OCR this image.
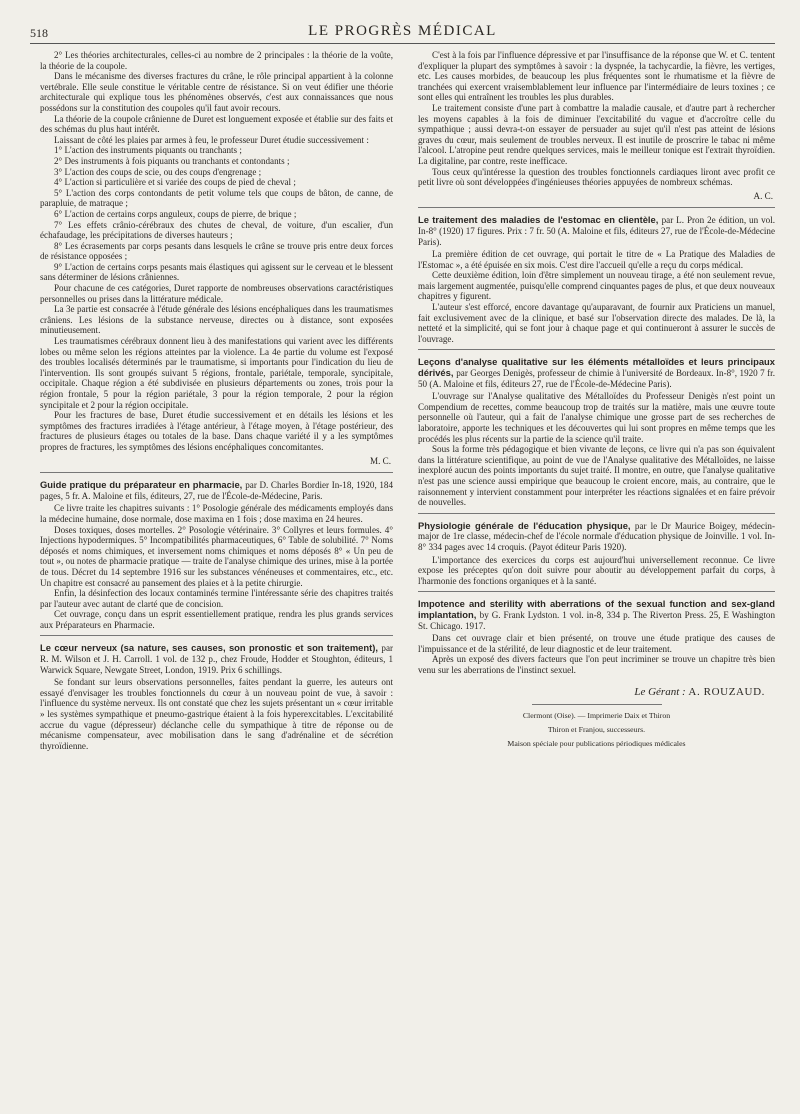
518	LE PROGRÈS MÉDICAL

2° Les théories architecturales, celles-ci au nombre de 2 principales : la théorie de la voûte, la théorie de la coupole.

Dans le mécanisme des diverses fractures du crâne, le rôle principal appartient à la colonne vertébrale. Elle seule constitue le véritable centre de résistance. Si on veut édifier une théorie architecturale qui explique tous les phénomènes observés, c'est aux connaissances que nous possédons sur la constitution des coupoles qu'il faut avoir recours.

La théorie de la coupole crânienne de Duret est longuement exposée et établie sur des faits et des schémas du plus haut intérêt.

Laissant de côté les plaies par armes à feu, le professeur Duret étudie successivement :

1° L'action des instruments piquants ou tranchants ;

2° Des instruments à fois piquants ou tranchants et contondants ;

3° L'action des coups de scie, ou des coups d'engrenage ;

4° L'action si particulière et si variée des coups de pied de cheval ;

5° L'action des corps contondants de petit volume tels que coups de bâton, de canne, de parapluie, de matraque ;

6° L'action de certains corps anguleux, coups de pierre, de brique ;

7° Les effets crânio-cérébraux des chutes de cheval, de voiture, d'un escalier, d'un échafaudage, les précipitations de diverses hauteurs ;

8° Les écrasements par corps pesants dans lesquels le crâne se trouve pris entre deux forces de résistance opposées ;

9° L'action de certains corps pesants mais élastiques qui agissent sur le cerveau et le blessent sans déterminer de lésions crâniennes.

Pour chacune de ces catégories, Duret rapporte de nombreuses observations caractéristiques personnelles ou prises dans la littérature médicale.

La 3e partie est consacrée à l'étude générale des lésions encéphaliques dans les traumatismes crâniens. Les lésions de la substance nerveuse, directes ou à distance, sont exposées minutieusement.

Les traumatismes cérébraux donnent lieu à des manifestations qui varient avec les différents lobes ou même selon les régions atteintes par la violence. La 4e partie du volume est l'exposé des troubles localisés déterminés par le traumatisme, si importants pour l'indication du lieu de l'intervention. Ils sont groupés suivant 5 régions, frontale, pariétale, temporale, syncipitale, occipitale. Chaque région a été subdivisée en plusieurs départements ou zones, trois pour la région frontale, 5 pour la région pariétale, 3 pour la région temporale, 2 pour la région syncipitale et 2 pour la région occipitale.

Pour les fractures de base, Duret étudie successivement et en détails les lésions et les symptômes des fractures irradiées à l'étage antérieur, à l'étage moyen, à l'étage postérieur, des fractures de plusieurs étages ou totales de la base. Dans chaque variété il y a les symptômes propres de fractures, les symptômes des lésions encéphaliques concomitantes.

M. C.

Guide pratique du préparateur en pharmacie, par D. Charles Bordier In-18, 1920, 184 pages, 5 fr. A. Maloine et fils, éditeurs, 27, rue de l'École-de-Médecine, Paris.

Ce livre traite les chapitres suivants : 1° Posologie générale des médicaments employés dans la médecine humaine, dose normale, dose maxima en 1 fois ; dose maxima en 24 heures.

Doses toxiques, doses mortelles. 2° Posologie vétérinaire. 3° Collyres et leurs formules. 4° Injections hypodermiques. 5° Incompatibilités pharmaceutiques, 6° Table de solubilité. 7° Noms déposés et noms chimiques, et inversement noms chimiques et noms déposés 8° « Un peu de tout », ou notes de pharmacie pratique — traite de l'analyse chimique des urines, mise à la portée de tous. Décret du 14 septembre 1916 sur les substances vénéneuses et commentaires, etc., etc. Un chapitre est consacré au pansement des plaies et à la petite chirurgie.

Enfin, la désinfection des locaux contaminés termine l'intéressante série des chapitres traités par l'auteur avec autant de clarté que de concision.

Cet ouvrage, conçu dans un esprit essentiellement pratique, rendra les plus grands services aux Préparateurs en Pharmacie.

Le cœur nerveux (sa nature, ses causes, son pronostic et son traitement), par R. M. Wilson et J. H. Carroll. 1 vol. de 132 p., chez Froude, Hodder et Stoughton, éditeurs, 1 Warwick Square, Newgate Street, London, 1919. Prix 6 schillings.

Se fondant sur leurs observations personnelles, faites pendant la guerre, les auteurs ont essayé d'envisager les troubles fonctionnels du cœur à un nouveau point de vue, à savoir : l'influence du système nerveux. Ils ont constaté que chez les sujets présentant un « cœur irritable » les systèmes sympathique et pneumo-gastrique étaient à la fois hyperexcitables. L'excitabilité accrue du vague (dépresseur) déclanche celle du sympathique à titre de réponse ou de mécanisme compensateur, avec mobilisation dans le sang d'adrénaline et de sécrétion thyroïdienne.

C'est à la fois par l'influence dépressive et par l'insuffisance de la réponse que W. et C. tentent d'expliquer la plupart des symptômes à savoir : la dyspnée, la tachycardie, la fièvre, les vertiges, etc. Les causes morbides, de beaucoup les plus fréquentes sont le rhumatisme et la fièvre de tranchées qui exercent vraisemblablement leur influence par l'intermédiaire de leurs toxines ; ce sont elles qui entraînent les troubles les plus durables.

Le traitement consiste d'une part à combattre la maladie causale, et d'autre part à rechercher les moyens capables à la fois de diminuer l'excitabilité du vague et d'accroître celle du sympathique ; aussi devra-t-on essayer de persuader au sujet qu'il n'est pas atteint de lésions graves du cœur, mais seulement de troubles nerveux. Il est inutile de proscrire le tabac ni même l'alcool. L'atropine peut rendre quelques services, mais le meilleur tonique est l'extrait thyroïdien. La digitaline, par contre, reste inefficace.

Tous ceux qu'intéresse la question des troubles fonctionnels cardiaques liront avec profit ce petit livre où sont développées d'ingénieuses théories appuyées de nombreux schémas.

A. C.

Le traitement des maladies de l'estomac en clientèle, par L. Pron 2e édition, un vol. In-8° (1920) 17 figures. Prix : 7 fr. 50 (A. Maloine et fils, éditeurs 27, rue de l'École-de-Médecine Paris).

La première édition de cet ouvrage, qui portait le titre de « La Pratique des Maladies de l'Estomac », a été épuisée en six mois. C'est dire l'accueil qu'elle a reçu du corps médical.

Cette deuxième édition, loin d'être simplement un nouveau tirage, a été non seulement revue, mais largement augmentée, puisqu'elle comprend cinquantes pages de plus, et que deux nouveaux chapitres y figurent.

L'auteur s'est efforcé, encore davantage qu'auparavant, de fournir aux Praticiens un manuel, fait exclusivement avec de la clinique, et basé sur l'observation directe des malades. De là, la netteté et la simplicité, qui se font jour à chaque page et qui continueront à assurer le succès de l'ouvrage.

Leçons d'analyse qualitative sur les éléments métalloïdes et leurs principaux dérivés, par Georges Denigès, professeur de chimie à l'université de Bordeaux. In-8°, 1920 7 fr. 50 (A. Maloine et fils, éditeurs 27, rue de l'École-de-Médecine Paris).

L'ouvrage sur l'Analyse qualitative des Métalloïdes du Professeur Denigès n'est point un Compendium de recettes, comme beaucoup trop de traités sur la matière, mais une œuvre toute personnelle où l'auteur, qui a fait de l'analyse chimique une grosse part de ses recherches de laboratoire, apporte les techniques et les découvertes qui lui sont propres en même temps que les procédés les plus récents sur la partie de la science qu'il traite.

Sous la forme très pédagogique et bien vivante de leçons, ce livre qui n'a pas son équivalent dans la littérature scientifique, au point de vue de l'Analyse qualitative des Métalloïdes, ne laisse inexploré aucun des points importants du sujet traité. Il montre, en outre, que l'analyse qualitative n'est pas une science aussi empirique que beaucoup le croient encore, mais, au contraire, que le raisonnement y intervient constamment pour interpréter les réactions signalées et en faire prévoir de nouvelles.

Physiologie générale de l'éducation physique, par le Dr Maurice Boigey, médecin-major de 1re classe, médecin-chef de l'école normale d'éducation physique de Joinville. 1 vol. In-8° 334 pages avec 14 croquis. (Payot éditeur Paris 1920).

L'importance des exercices du corps est aujourd'hui universellement reconnue. Ce livre expose les préceptes qu'on doit suivre pour aboutir au développement parfait du corps, à l'harmonie des fonctions organiques et à la santé.

Impotence and sterility with aberrations of the sexual function and sex-gland implantation, by G. Frank Lydston. 1 vol. in-8, 334 p. The Riverton Press. 25, E Washington St. Chicago. 1917.

Dans cet ouvrage clair et bien présenté, on trouve une étude pratique des causes de l'impuissance et de la stérilité, de leur diagnostic et de leur traitement.

Après un exposé des divers facteurs que l'on peut incriminer se trouve un chapitre très bien venu sur les aberrations de l'instinct sexuel.

Le Gérant : A. ROUZAUD.

Clermont (Oise). — Imprimerie Daix et Thiron

Thiron et Franjou, successeurs.

Maison spéciale pour publications périodiques médicales
